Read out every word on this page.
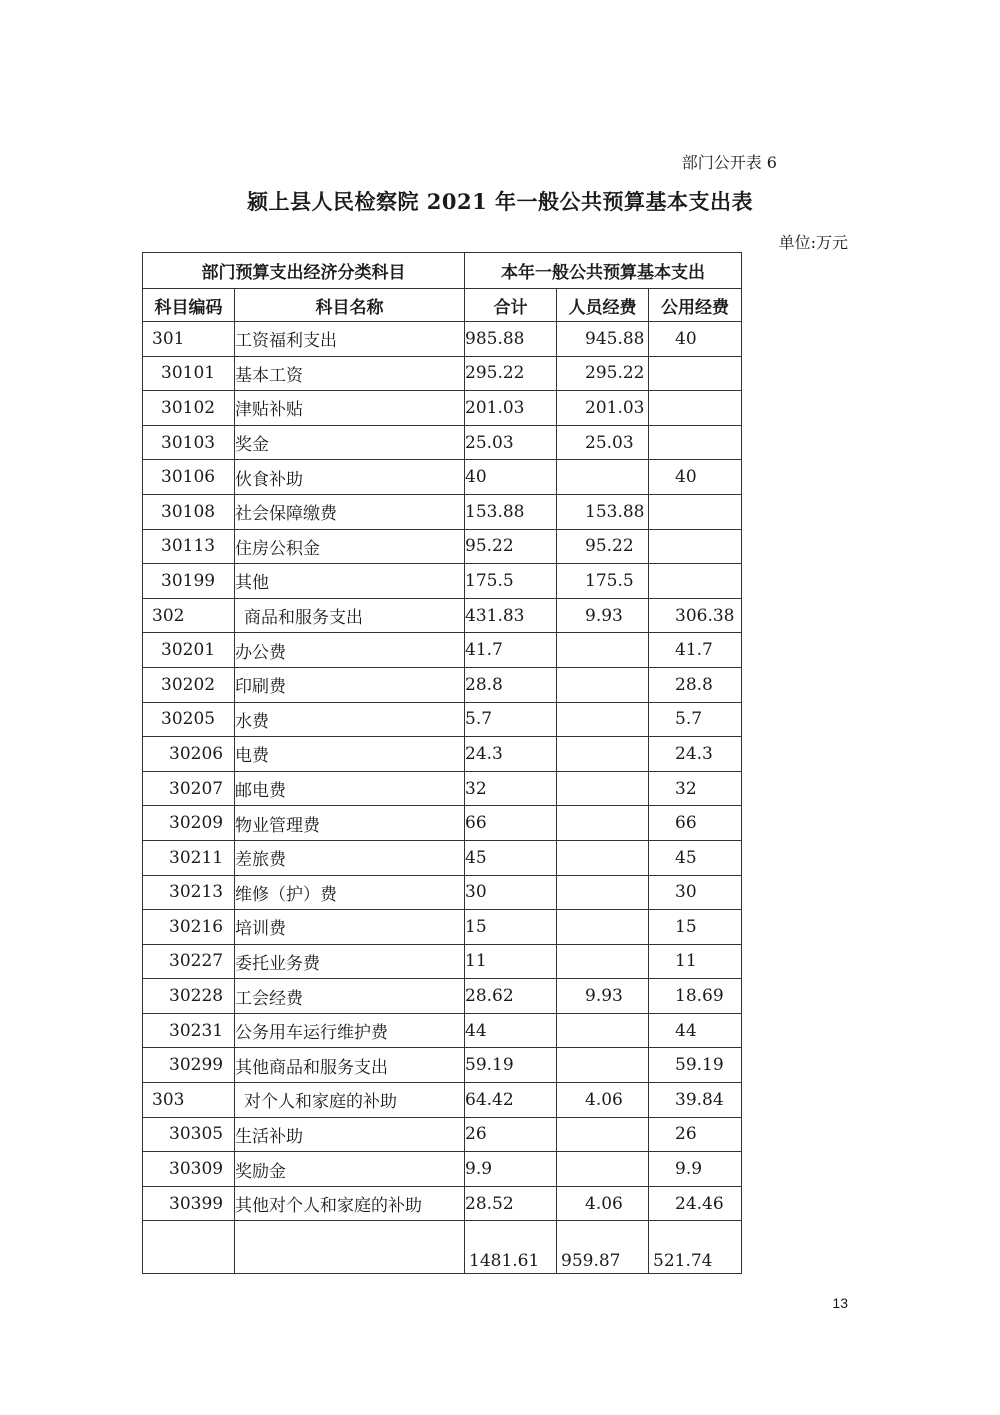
部门公开表 6
颍上县人民检察院 2021 年一般公共预算基本支出表
单位:万元
部门预算支出经济分类科目		本年一般公共预算基本支出		
科目编码	科目名称	合计	人员经费	公用经费
301	工资福利支出	985.88	945.88	40
30101	基本工资	295.22	295.22	
30102	津贴补贴	201.03	201.03	
30103	奖金	25.03	25.03	
30106	伙食补助	40		40
30108	社会保障缴费	153.88	153.88	
30113	住房公积金	95.22	95.22	
30199	其他	175.5	175.5	
302	商品和服务支出	431.83	9.93	306.38
30201	办公费	41.7		41.7
30202	印刷费	28.8		28.8
30205	水费	5.7		5.7
30206	电费	24.3		24.3
30207	邮电费	32		32
30209	物业管理费	66		66
30211	差旅费	45		45
30213	维修（护）费	30		30
30216	培训费	15		15
30227	委托业务费	11		11
30228	工会经费	28.62	9.93	18.69
30231	公务用车运行维护费	44		44
30299	其他商品和服务支出	59.19		59.19
303	对个人和家庭的补助	64.42	4.06	39.84
30305	生活补助	26		26
30309	奖励金	9.9		9.9
30399	其他对个人和家庭的补助	28.52	4.06	24.46
		1481.61	959.87	521.74
13
